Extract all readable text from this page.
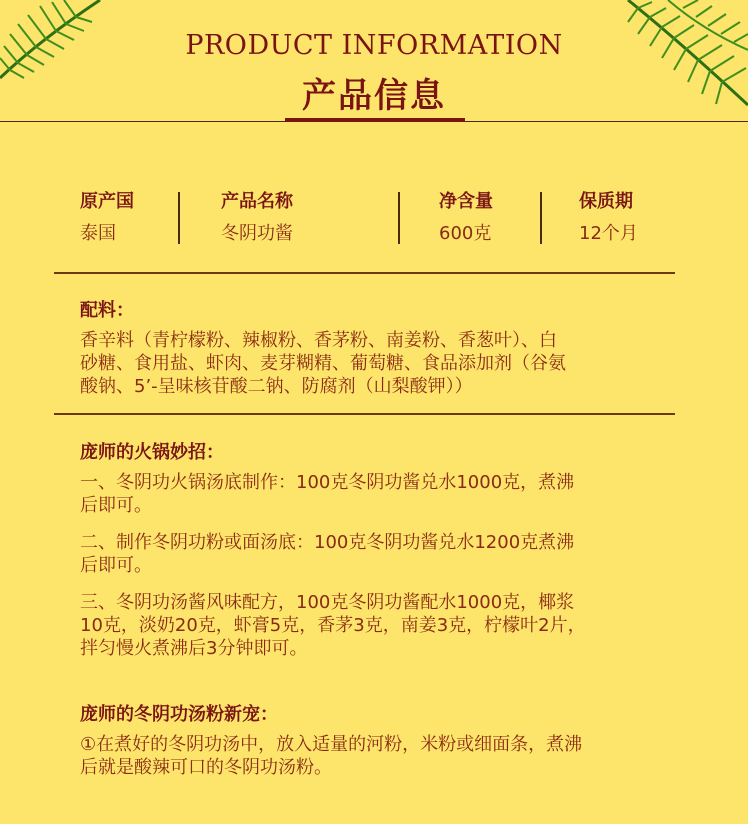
PRODUCT INFORMATION
产品信息
原产国
泰国
产品名称
冬阴功酱
净含量
600克
保质期
12个月
配料：
香辛料（青柠檬粉、辣椒粉、香茅粉、南姜粉、香葱叶）、白
砂糖、食用盐、虾肉、麦芽糊精、葡萄糖、食品添加剂（谷氨
酸钠、5’-呈味核苷酸二钠、防腐剂（山梨酸钾））
庞师的火锅妙招：
一、冬阴功火锅汤底制作：100克冬阴功酱兑水1000克，煮沸
后即可。
二、制作冬阴功粉或面汤底：100克冬阴功酱兑水1200克煮沸
后即可。
三、冬阴功汤酱风味配方，100克冬阴功酱配水1000克，椰浆
10克，淡奶20克，虾膏5克，香茅3克，南姜3克，柠檬叶2片，
拌匀慢火煮沸后3分钟即可。
庞师的冬阴功汤粉新宠：
①在煮好的冬阴功汤中，放入适量的河粉，米粉或细面条，煮沸
后就是酸辣可口的冬阴功汤粉。
